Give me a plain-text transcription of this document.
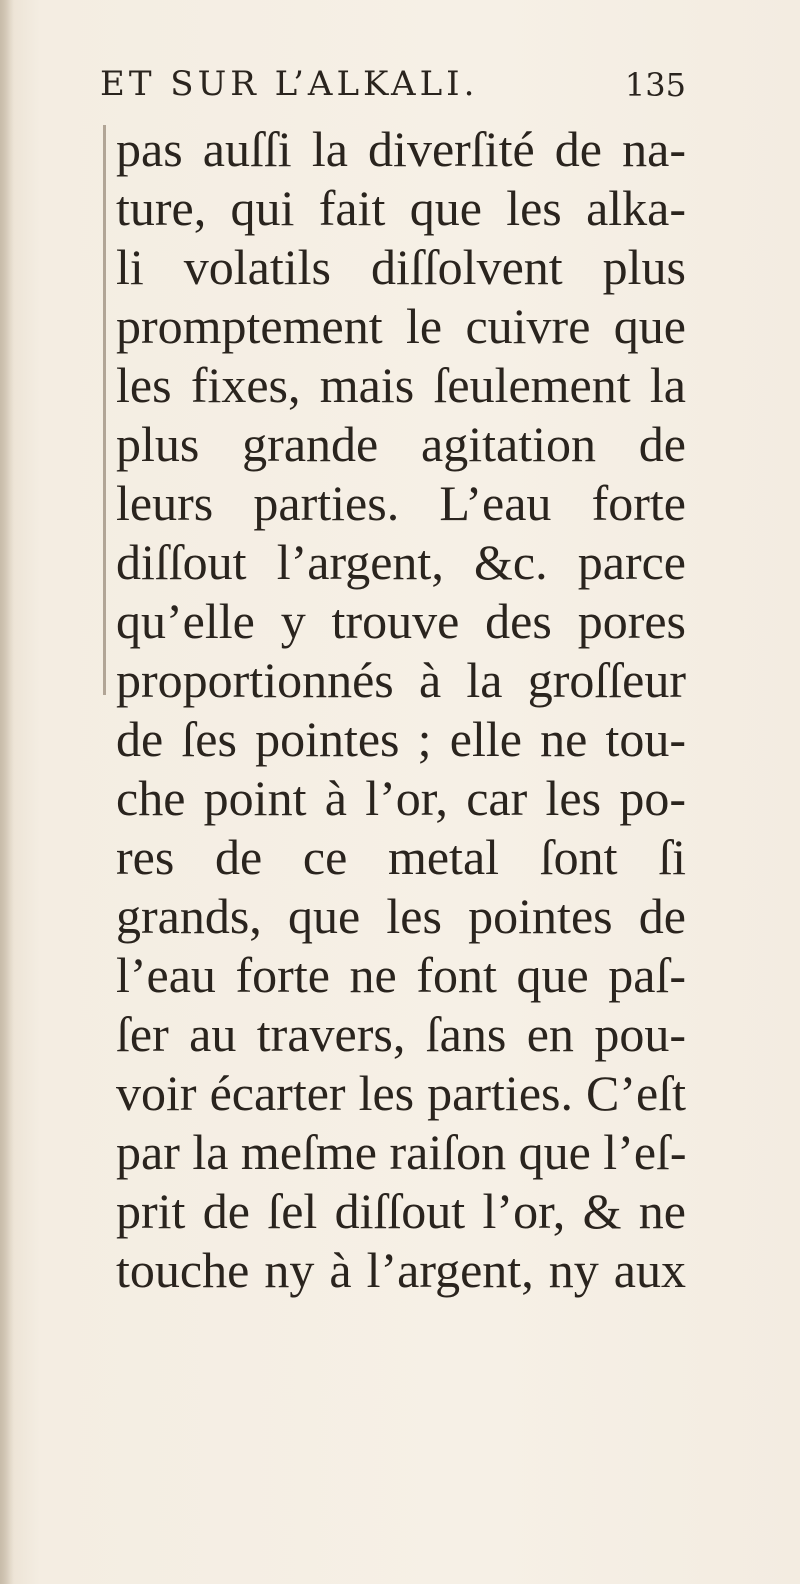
ET SUR L’ALKALI.	135
pas auſſi la diverſité de na-
ture, qui fait que les alka-
li volatils diſſolvent plus
promptement le cuivre que
les fixes, mais ſeulement la
plus grande agitation de
leurs parties. L’eau forte
diſſout l’argent, &c. parce
qu’elle y trouve des pores
proportionnés à la groſſeur
de ſes pointes ; elle ne tou-
che point à l’or, car les po-
res de ce metal ſont ſi
grands, que les pointes de
l’eau forte ne font que paſ-
ſer au travers, ſans en pou-
voir écarter les parties. C’eſt
par la meſme raiſon que l’eſ-
prit de ſel diſſout l’or, & ne
touche ny à l’argent, ny aux
